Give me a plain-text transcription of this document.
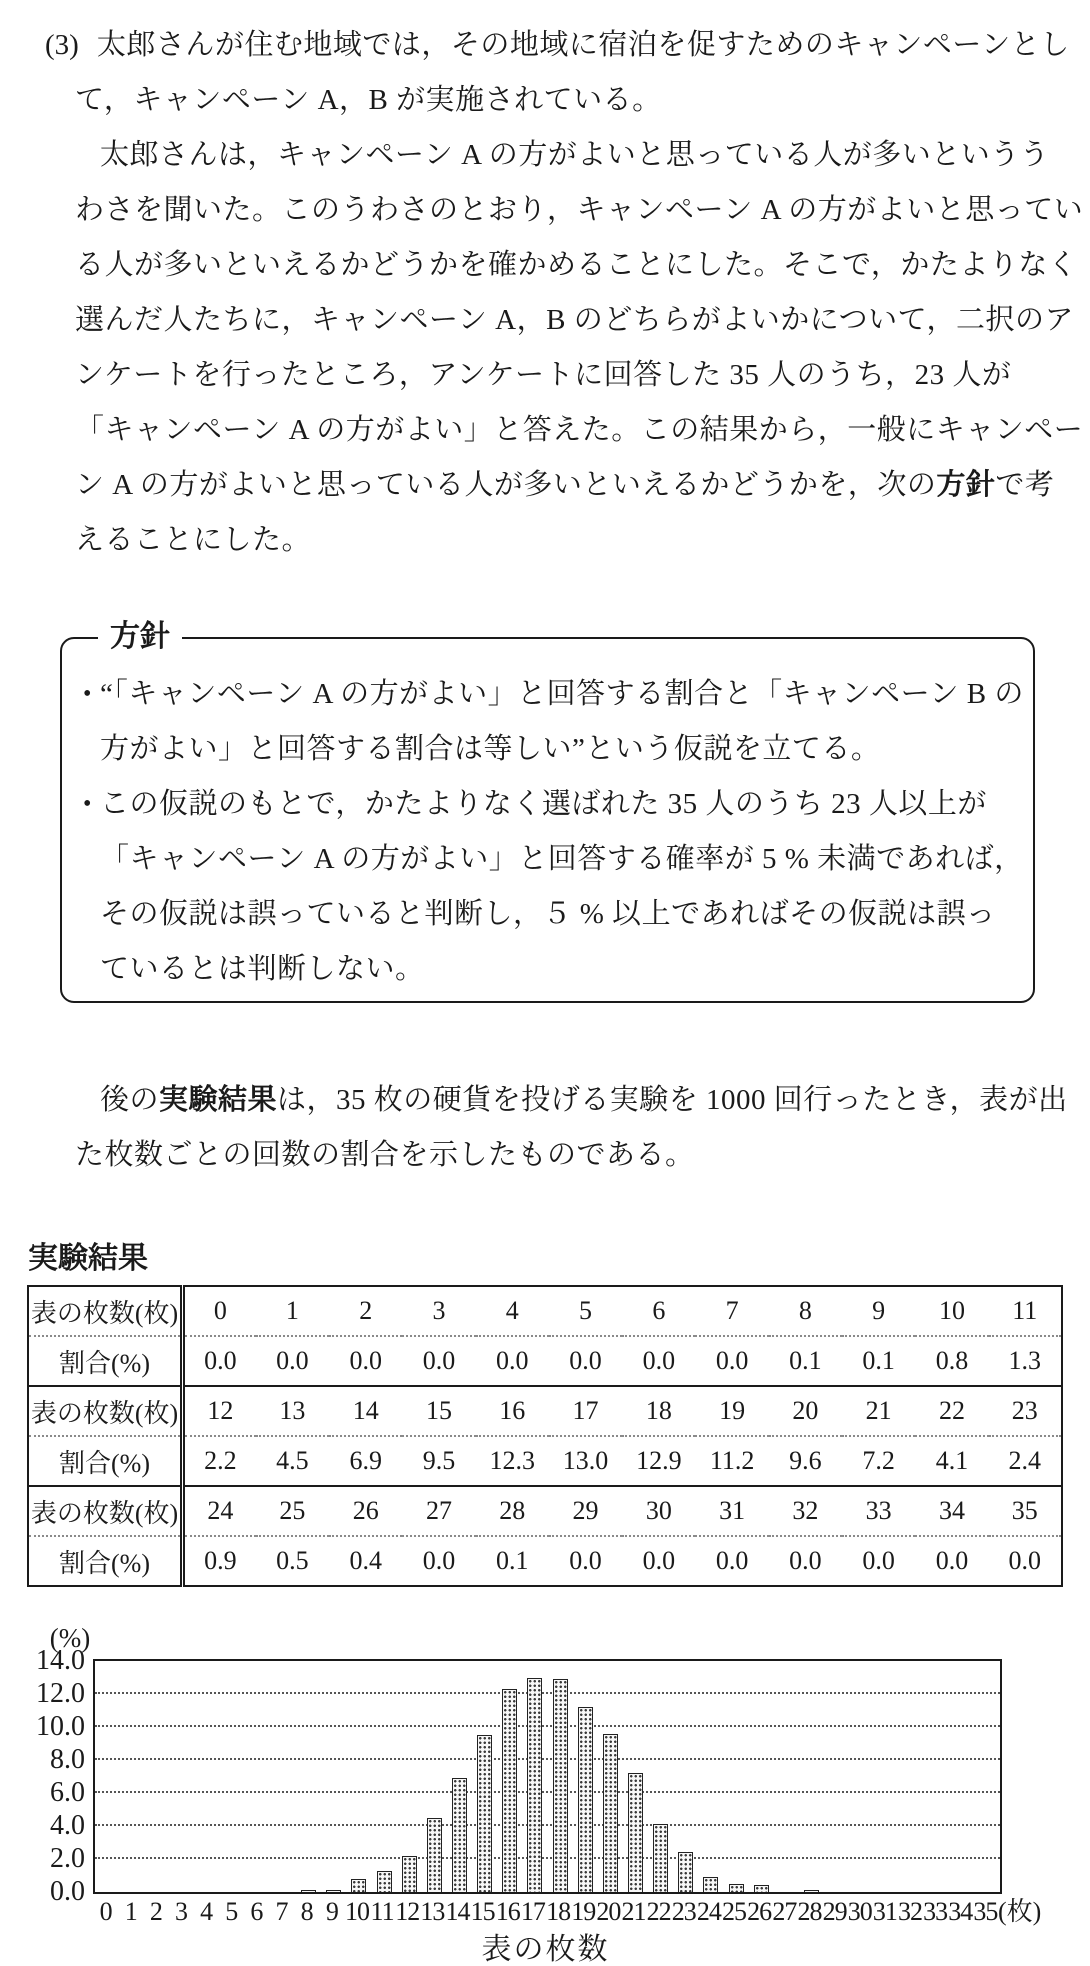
(3) 太郎さんが住む地域では，その地域に宿泊を促すためのキャンペーンとし
て，キャンペーン A，B が実施されている。
太郎さんは，キャンペーン A の方がよいと思っている人が多いというう
わさを聞いた。このうわさのとおり，キャンペーン A の方がよいと思ってい
る人が多いといえるかどうかを確かめることにした。そこで，かたよりなく
選んだ人たちに，キャンペーン A，B のどちらがよいかについて，二択のア
ンケートを行ったところ，アンケートに回答した 35 人のうち，23 人が
「キャンペーン A の方がよい」と答えた。この結果から，一般にキャンペー
ン A の方がよいと思っている人が多いといえるかどうかを，次の方針で考
えることにした。
方針
• “「キャンペーン A の方がよい」と回答する割合と「キャンペーン B の
方がよい」と回答する割合は等しい”という仮説を立てる。
• この仮説のもとで，かたよりなく選ばれた 35 人のうち 23 人以上が
「キャンペーン A の方がよい」と回答する確率が 5 % 未満であれば，
その仮説は誤っていると判断し，５ % 以上であればその仮説は誤っ
ているとは判断しない。
後の実験結果は，35 枚の硬貨を投げる実験を 1000 回行ったとき，表が出
た枚数ごとの回数の割合を示したものである。
実験結果
表の枚数(枚)	0	1	2	3	4	5	6	7	8	9	10	11
割合(%)	0.0	0.0	0.0	0.0	0.0	0.0	0.0	0.0	0.1	0.1	0.8	1.3
表の枚数(枚)	12	13	14	15	16	17	18	19	20	21	22	23
割合(%)	2.2	4.5	6.9	9.5	12.3	13.0	12.9	11.2	9.6	7.2	4.1	2.4
表の枚数(枚)	24	25	26	27	28	29	30	31	32	33	34	35
割合(%)	0.9	0.5	0.4	0.0	0.1	0.0	0.0	0.0	0.0	0.0	0.0	0.0
(%)
0.0
2.0
4.0
6.0
8.0
10.0
12.0
14.0
0 1 2 3 4 5 6 7 8 9 10 11 12 13 14 15 16 17 18 19 20 21 22 23 24 25 26 27 28 29 30 31 32 33 34 35 (枚)
表の枚数
